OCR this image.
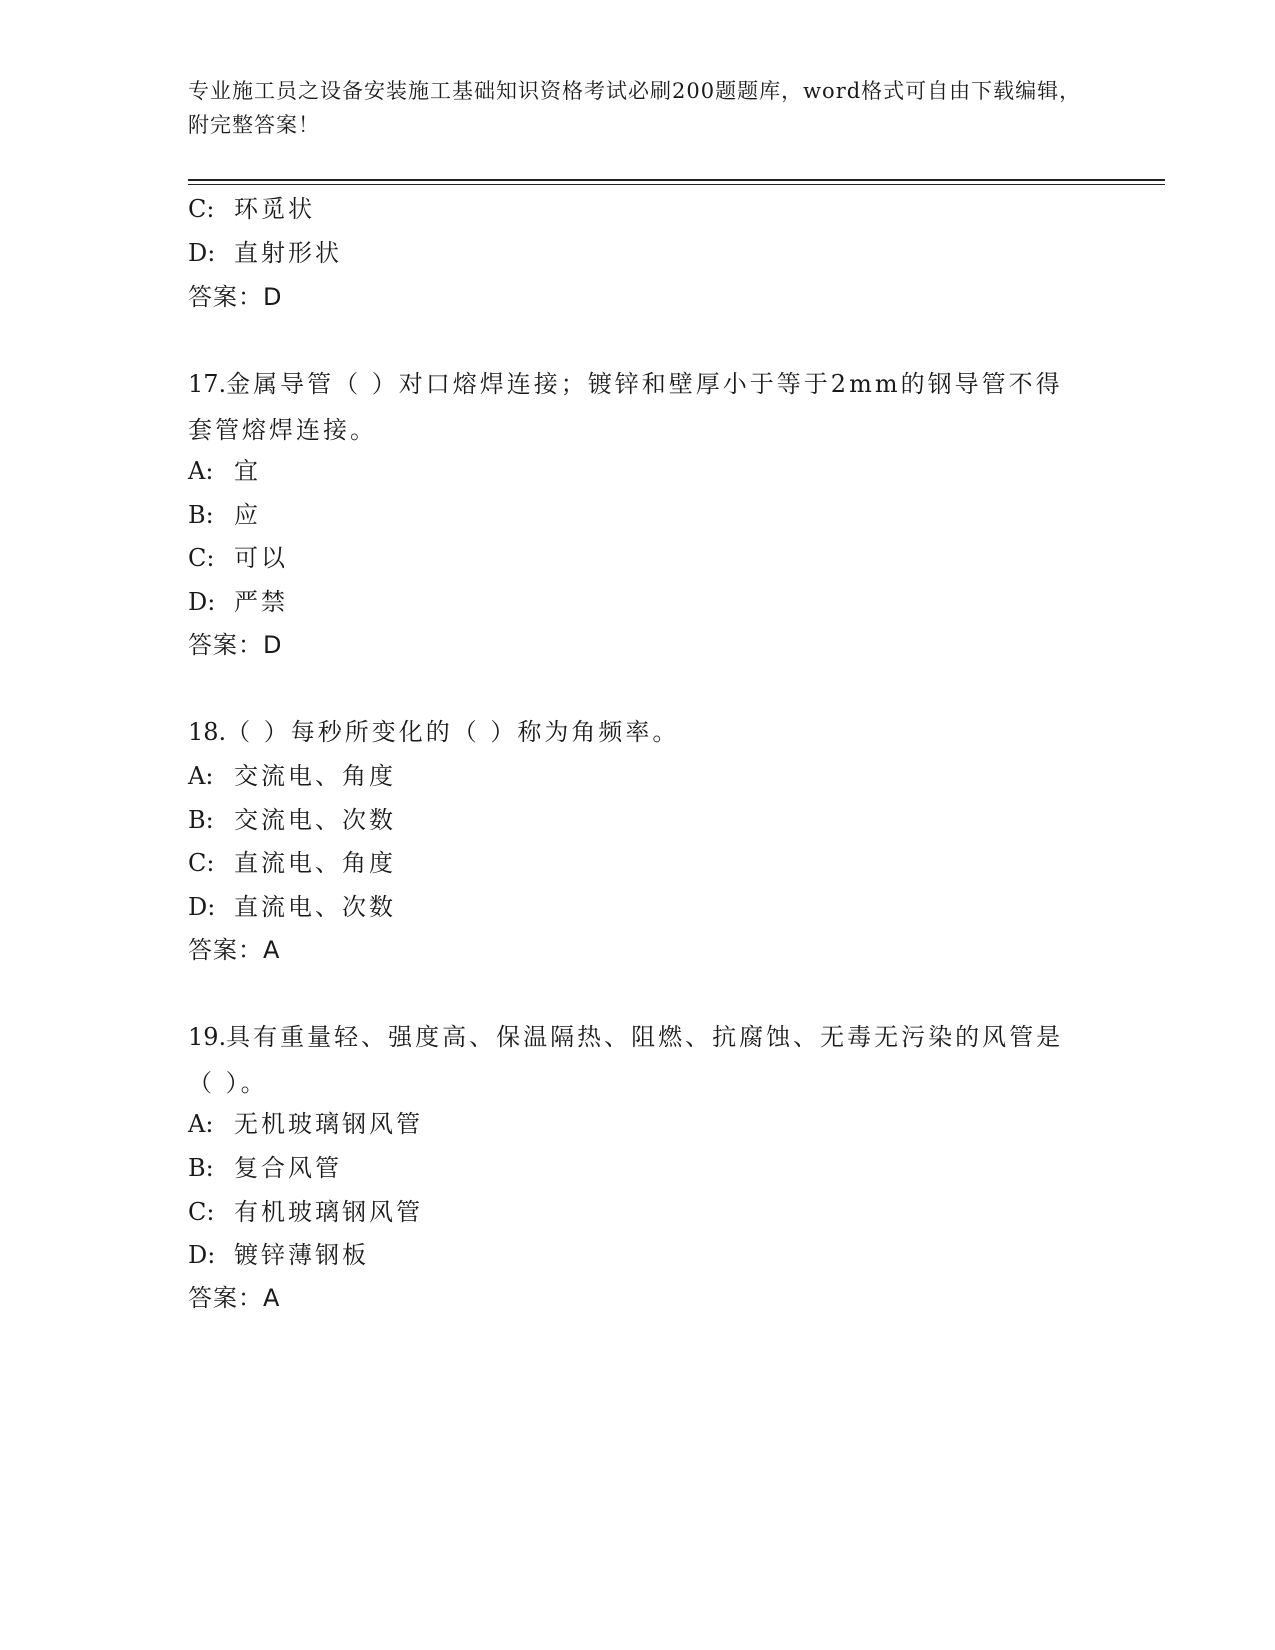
专业施工员之设备安装施工基础知识资格考试必刷200题题库，word格式可自由下载编辑，附完整答案！
C: 环觅状
D: 直射形状
答案：D
17.金属导管（ ）对口熔焊连接；镀锌和壁厚小于等于2mm的钢导管不得套管熔焊连接。
A: 宜
B: 应
C: 可以
D: 严禁
答案：D
18.（ ）每秒所变化的（ ）称为角频率。
A: 交流电、角度
B: 交流电、次数
C: 直流电、角度
D: 直流电、次数
答案：A
19.具有重量轻、强度高、保温隔热、阻燃、抗腐蚀、无毒无污染的风管是（ ）。
A: 无机玻璃钢风管
B: 复合风管
C: 有机玻璃钢风管
D: 镀锌薄钢板
答案：A
